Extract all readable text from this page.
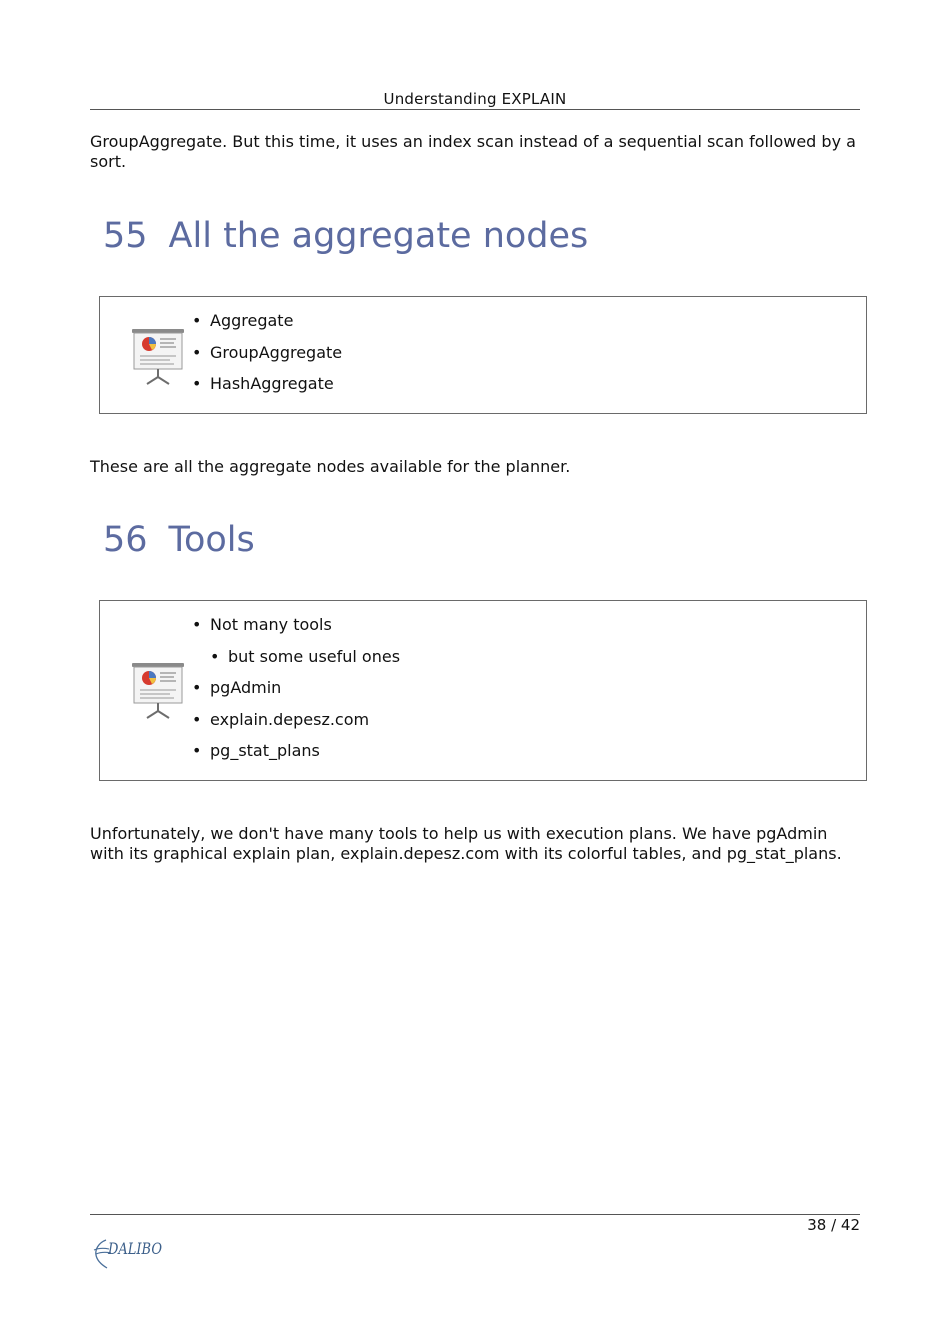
Understanding EXPLAIN

GroupAggregate. But this time, it uses an index scan instead of a sequential scan followed by a sort.

55 All the aggregate nodes
• Aggregate
• GroupAggregate
• HashAggregate

These are all the aggregate nodes available for the planner.

56 Tools
• Not many tools
• but some useful ones
• pgAdmin
• explain.depesz.com
• pg_stat_plans

Unfortunately, we don't have many tools to help us with execution plans. We have pgAdmin with its graphical explain plan, explain.depesz.com with its colorful tables, and pg_stat_plans.

38 / 42
DALIBO
